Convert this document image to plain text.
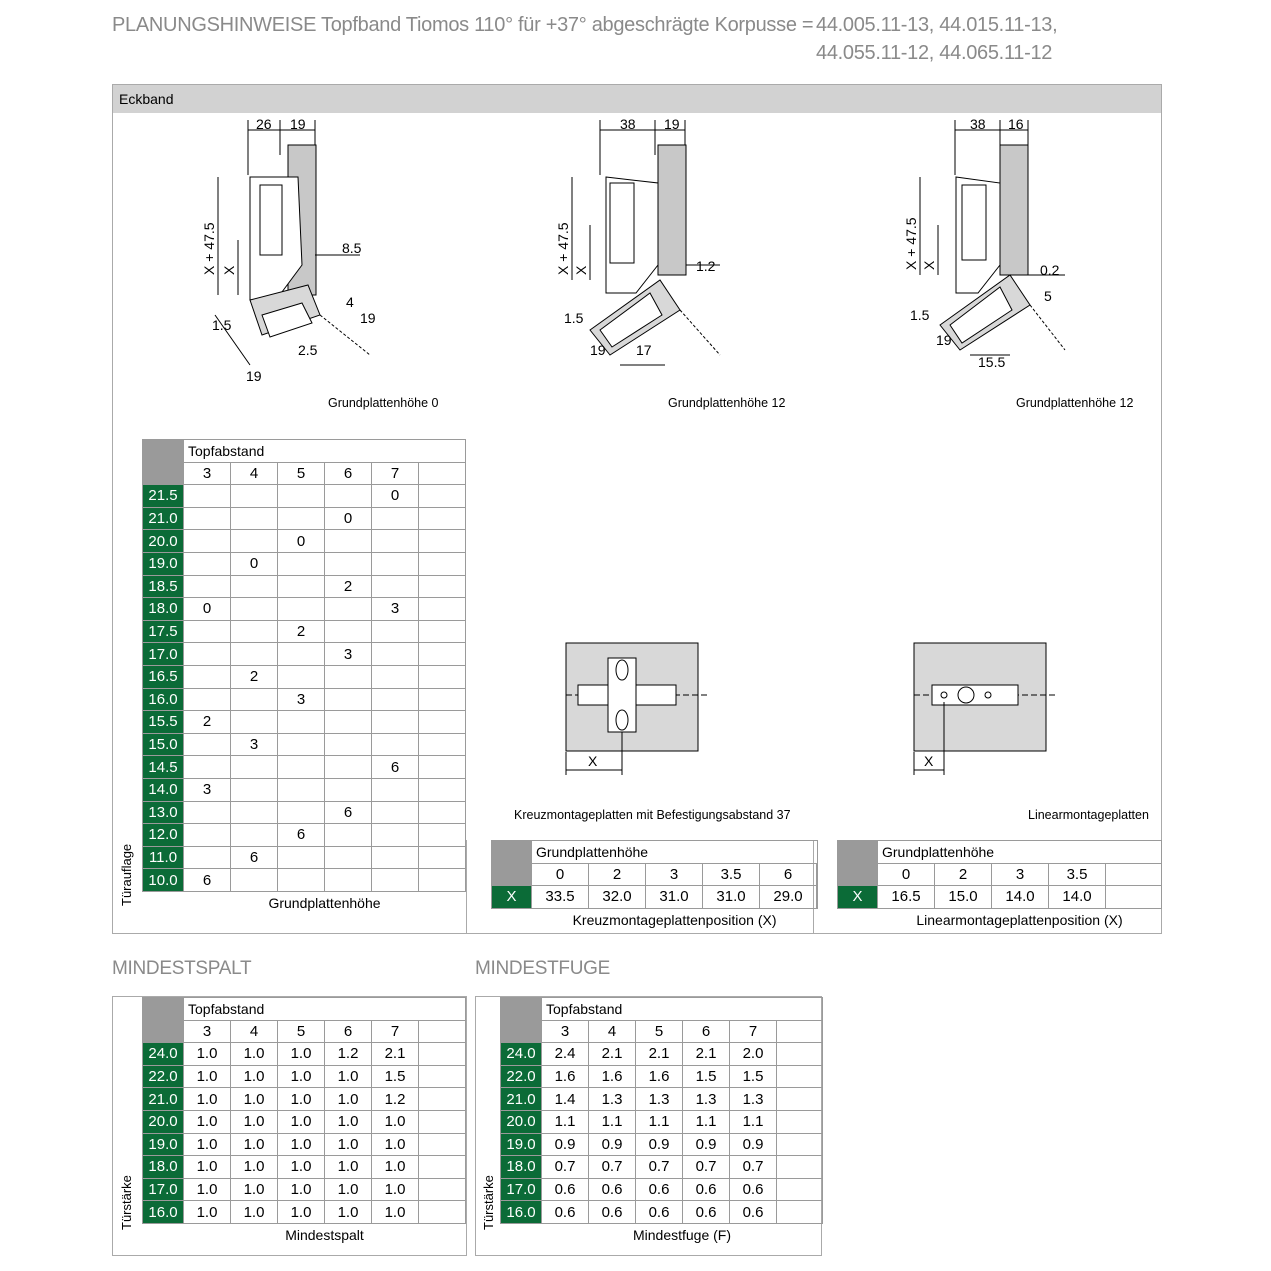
PLANUNGSHINWEISE Topfband Tiomos 110° für +37° abgeschrägte Korpusse = 44.005.11-13, 44.015.11-13,
44.055.11-12, 44.065.11-12
Eckband
26 19
X + 47.5 X
8.5
4
19
1.5
2.5
19
Grundplattenhöhe 0
38 19
X + 47.5 X	1.2
1.5
19 17
Grundplattenhöhe 12
38 16
X + 47.5 X	0.2
5
1.5
19
15.5
Grundplattenhöhe 12
	Topfabstand					
	3	4	5	6	7	
21.5					0	
21.0				0		
20.0			0			
19.0		0				
18.5				2		
18.0	0				3	
17.5			2			
17.0				3		
16.5		2				
16.0			3			
15.5	2					
15.0		3				
14.5					6	
14.0	3					
13.0				6		
12.0			6			
11.0		6				
10.0	6					
	Grundplattenhöhe					
Türauflage
X
Kreuzmontageplatten mit Befestigungsabstand 37
X
Linearmontageplatten
	Grundplattenhöhe					
	0	2	3	3.5	6	
X	33.5	32.0	31.0	31.0	29.0	
	Kreuzmontageplattenposition (X)					
	Grundplattenhöhe				
	0	2	3	3.5	
X	16.5	15.0	14.0	14.0	
	Linearmontageplattenposition (X)				
MINDESTSPALT
	Topfabstand					
	3	4	5	6	7	
24.0	1.0	1.0	1.0	1.2	2.1	
22.0	1.0	1.0	1.0	1.0	1.5	
21.0	1.0	1.0	1.0	1.0	1.2	
20.0	1.0	1.0	1.0	1.0	1.0	
19.0	1.0	1.0	1.0	1.0	1.0	
18.0	1.0	1.0	1.0	1.0	1.0	
17.0	1.0	1.0	1.0	1.0	1.0	
16.0	1.0	1.0	1.0	1.0	1.0	
	Mindestspalt					
Türstärke
MINDESTFUGE
	Topfabstand					
	3	4	5	6	7	
24.0	2.4	2.1	2.1	2.1	2.0	
22.0	1.6	1.6	1.6	1.5	1.5	
21.0	1.4	1.3	1.3	1.3	1.3	
20.0	1.1	1.1	1.1	1.1	1.1	
19.0	0.9	0.9	0.9	0.9	0.9	
18.0	0.7	0.7	0.7	0.7	0.7	
17.0	0.6	0.6	0.6	0.6	0.6	
16.0	0.6	0.6	0.6	0.6	0.6	
	Mindestfuge (F)					
Türstärke
